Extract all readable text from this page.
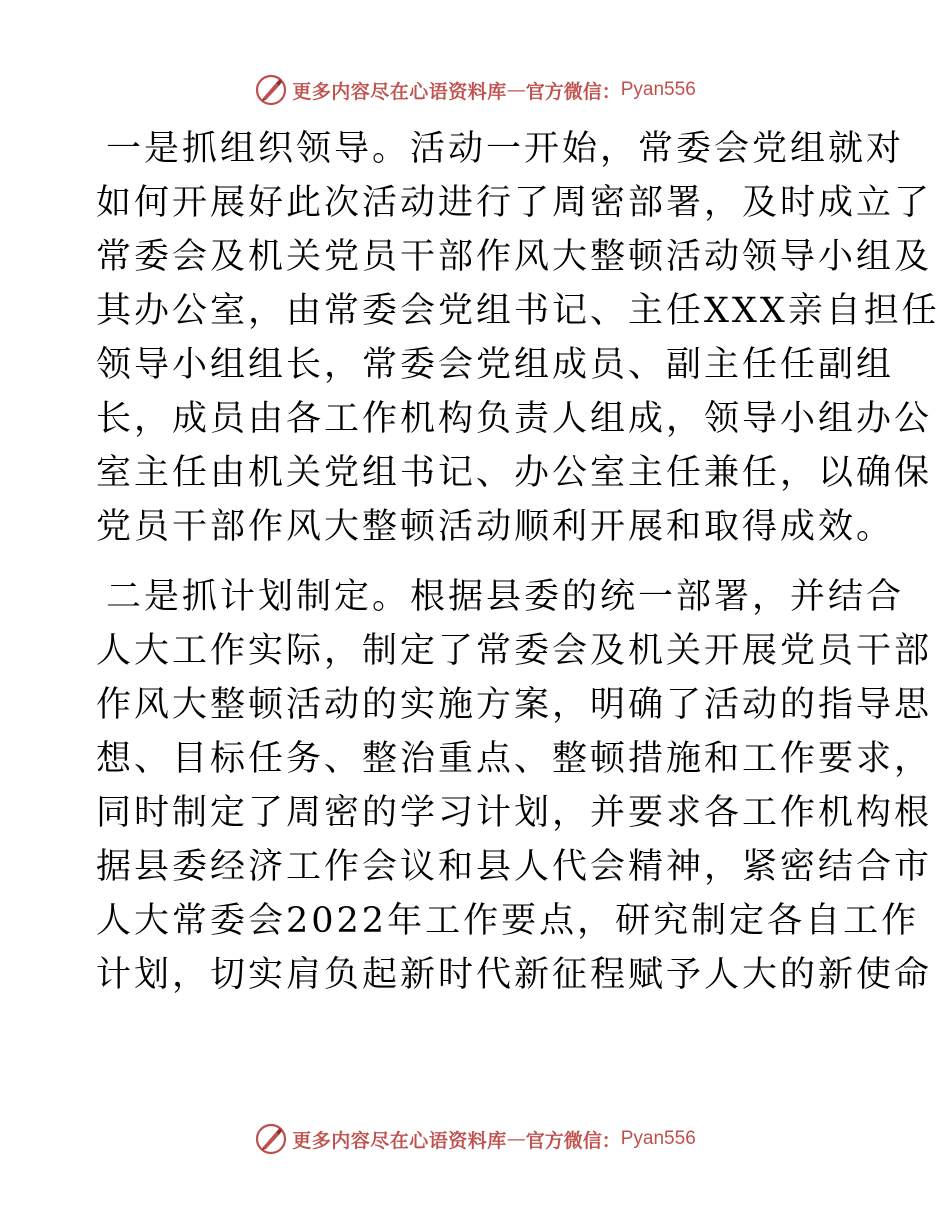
更多内容尽在心语资料库 — 官方微信： Pyan556

一是抓组织领导。活动一开始，常委会党组就对
如何开展好此次活动进行了周密部署，及时成立了
常委会及机关党员干部作风大整顿活动领导小组及
其办公室，由常委会党组书记、主任XXX亲自担任
领导小组组长，常委会党组成员、副主任任副组
长，成员由各工作机构负责人组成，领导小组办公
室主任由机关党组书记、办公室主任兼任，以确保
党员干部作风大整顿活动顺利开展和取得成效。

二是抓计划制定。根据县委的统一部署，并结合
人大工作实际，制定了常委会及机关开展党员干部
作风大整顿活动的实施方案，明确了活动的指导思
想、目标任务、整治重点、整顿措施和工作要求，
同时制定了周密的学习计划，并要求各工作机构根
据县委经济工作会议和县人代会精神，紧密结合市
人大常委会2022年工作要点，研究制定各自工作
计划，切实肩负起新时代新征程赋予人大的新使命

更多内容尽在心语资料库 — 官方微信： Pyan556
